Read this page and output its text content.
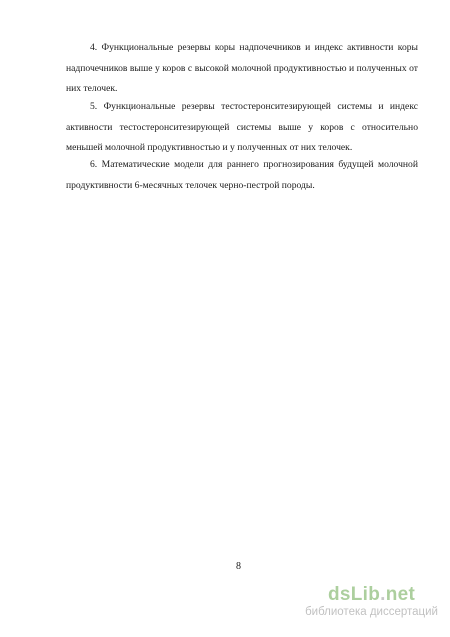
4. Функциональные резервы коры надпочечников и индекс активности коры надпочечников выше у коров с высокой молочной продуктивностью и полученных от них телочек.

5. Функциональные резервы тестостеронситезирующей системы и индекс активности тестостеронситезирующей системы выше у коров с относительно меньшей молочной продуктивностью и у полученных от них телочек.

6. Математические модели для раннего прогнозирования будущей молочной продуктивности 6-месячных телочек черно-пестрой породы.

8
dsLib.net
библиотека диссертаций
